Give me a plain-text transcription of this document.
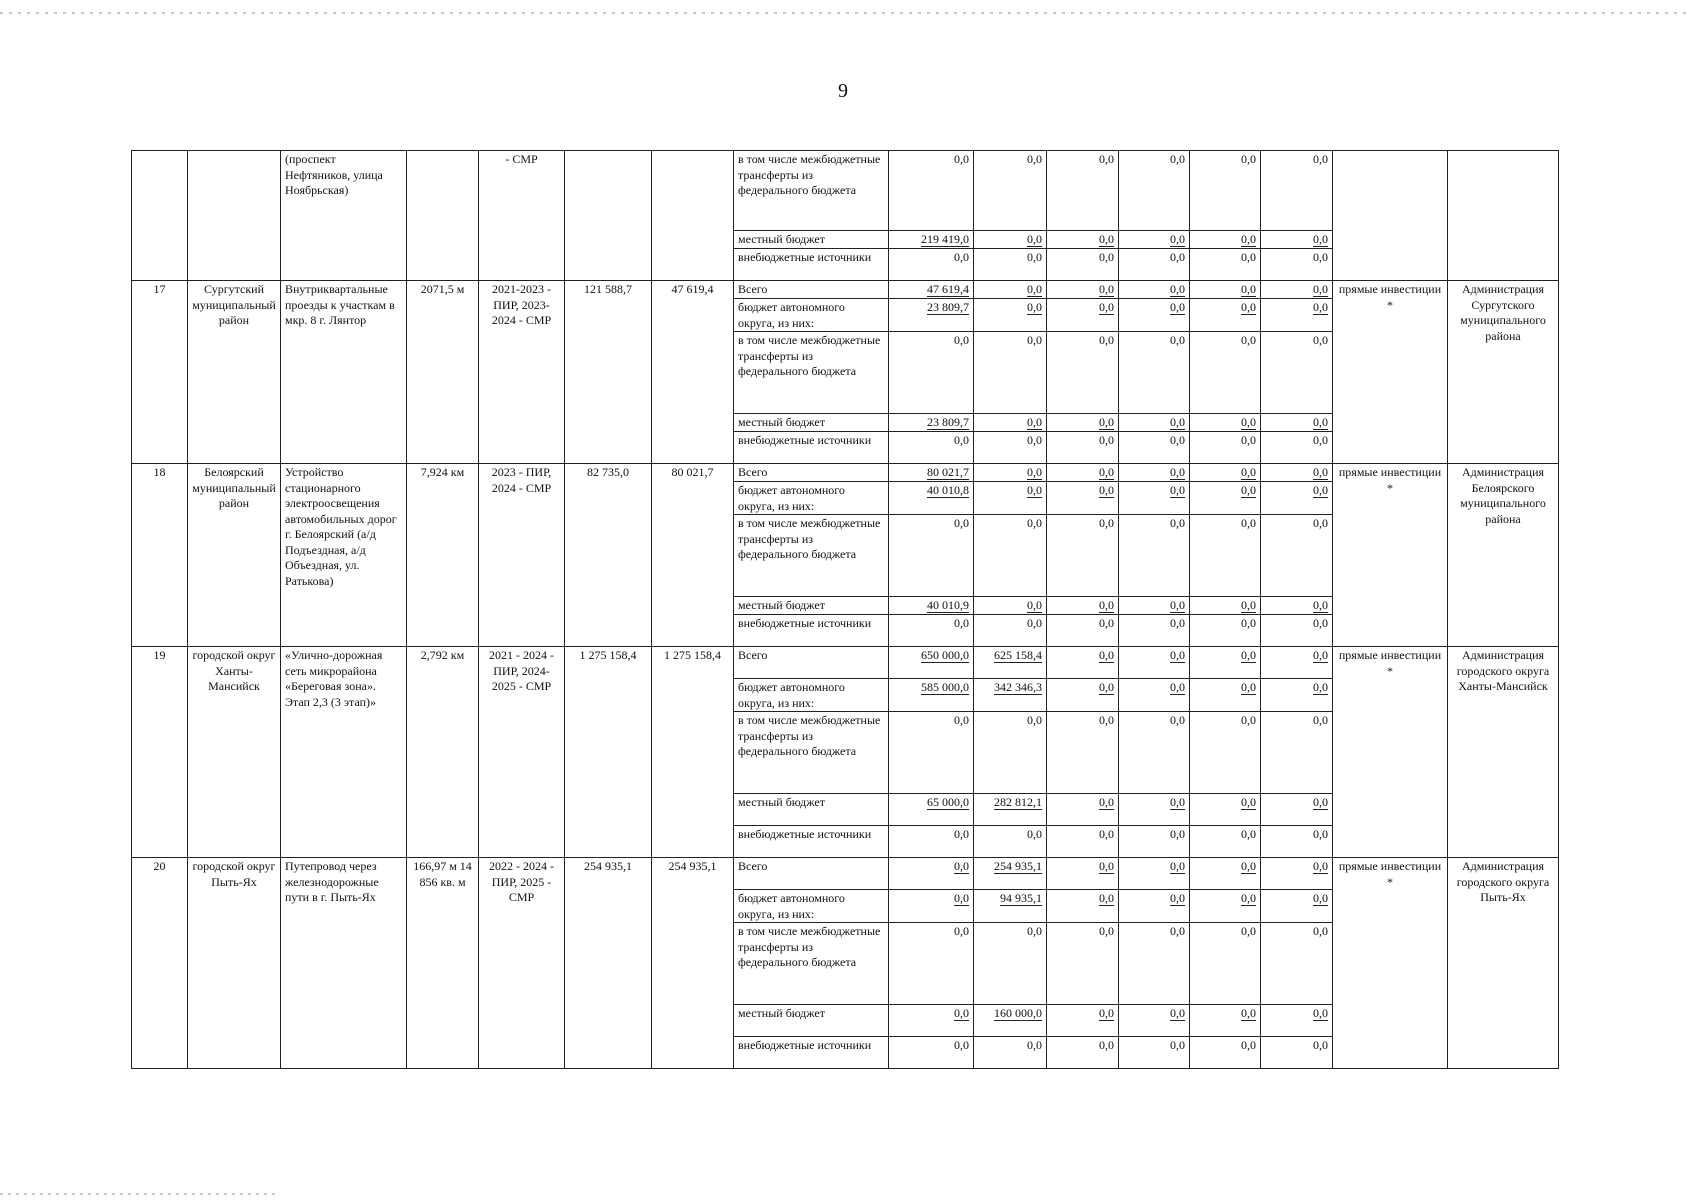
9
		(проспект Нефтяников, улица Ноябрьская)		- СМР			в том числе межбюджетные трансферты из федерального бюджета	0,0	0,0	0,0	0,0	0,0	0,0		
							местный бюджет	219 419,0	0,0	0,0	0,0	0,0	0,0		
							внебюджетные источники	0,0	0,0	0,0	0,0	0,0	0,0		
17	Сургутский муниципальный район	Внутриквартальные проезды к участкам в мкр. 8 г. Лянтор	2071,5 м	2021-2023 - ПИР, 2023-2024 - СМР	121 588,7	47 619,4	Всего	47 619,4	0,0	0,0	0,0	0,0	0,0	прямые инвестиции *	Администрация Сургутского муниципального района
							бюджет автономного округа, из них:	23 809,7	0,0	0,0	0,0	0,0	0,0		
							в том числе межбюджетные трансферты из федерального бюджета	0,0	0,0	0,0	0,0	0,0	0,0		
							местный бюджет	23 809,7	0,0	0,0	0,0	0,0	0,0		
							внебюджетные источники	0,0	0,0	0,0	0,0	0,0	0,0		
18	Белоярский муниципальный район	Устройство стационарного электроосвещения автомобильных дорог г. Белоярский (а/д Подъездная, а/д Объездная, ул. Ратькова)	7,924 км	2023 - ПИР, 2024 - СМР	82 735,0	80 021,7	Всего	80 021,7	0,0	0,0	0,0	0,0	0,0	прямые инвестиции *	Администрация Белоярского муниципального района
							бюджет автономного округа, из них:	40 010,8	0,0	0,0	0,0	0,0	0,0		
							в том числе межбюджетные трансферты из федерального бюджета	0,0	0,0	0,0	0,0	0,0	0,0		
							местный бюджет	40 010,9	0,0	0,0	0,0	0,0	0,0		
							внебюджетные источники	0,0	0,0	0,0	0,0	0,0	0,0		
19	городской округ Ханты-Мансийск	«Улично-дорожная сеть микрорайона «Береговая зона». Этап 2,3 (3 этап)»	2,792 км	2021 - 2024 - ПИР, 2024-2025 - СМР	1 275 158,4	1 275 158,4	Всего	650 000,0	625 158,4	0,0	0,0	0,0	0,0	прямые инвестиции *	Администрация городского округа Ханты-Мансийск
							бюджет автономного округа, из них:	585 000,0	342 346,3	0,0	0,0	0,0	0,0		
							в том числе межбюджетные трансферты из федерального бюджета	0,0	0,0	0,0	0,0	0,0	0,0		
							местный бюджет	65 000,0	282 812,1	0,0	0,0	0,0	0,0		
							внебюджетные источники	0,0	0,0	0,0	0,0	0,0	0,0		
20	городской округ Пыть-Ях	Путепровод через железнодорожные пути в г. Пыть-Ях	166,97 м 14 856 кв. м	2022 - 2024 - ПИР, 2025 - СМР	254 935,1	254 935,1	Всего	0,0	254 935,1	0,0	0,0	0,0	0,0	прямые инвестиции *	Администрация городского округа Пыть-Ях
							бюджет автономного округа, из них:	0,0	94 935,1	0,0	0,0	0,0	0,0		
							в том числе межбюджетные трансферты из федерального бюджета	0,0	0,0	0,0	0,0	0,0	0,0		
							местный бюджет	0,0	160 000,0	0,0	0,0	0,0	0,0		
							внебюджетные источники	0,0	0,0	0,0	0,0	0,0	0,0		
